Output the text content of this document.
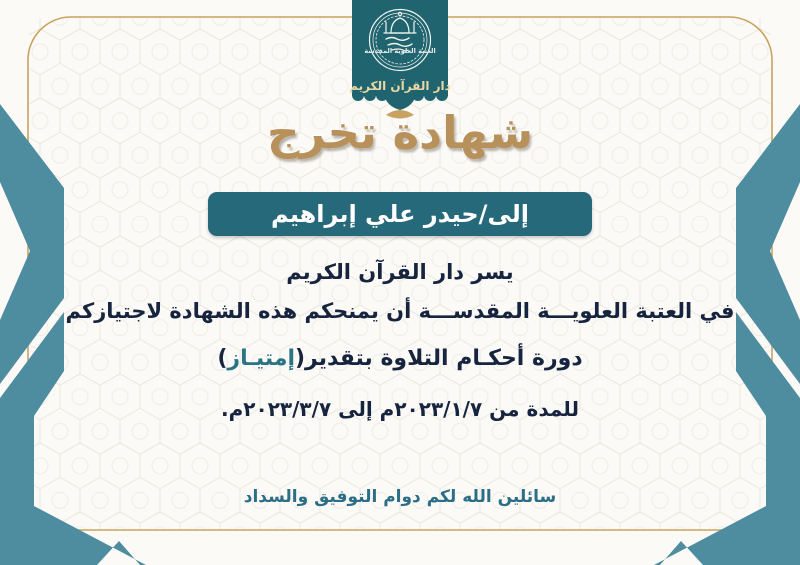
العتبة العلوية المقدسة
دار القرآن الكريم
شهادة تخرج
إلى/حيدر علي إبراهيم
يسر دار القرآن الكريم
في العتبة العلويـــة المقدســـة أن يمنحكم هذه الشهادة لاجتيازكم
دورة أحكـام التلاوة بتقدير(إمتيـاز)
للمدة من ٢٠٢٣/١/٧م إلى ٢٠٢٣/٣/٧م.
سائلين الله لكم دوام التوفيق والسداد
